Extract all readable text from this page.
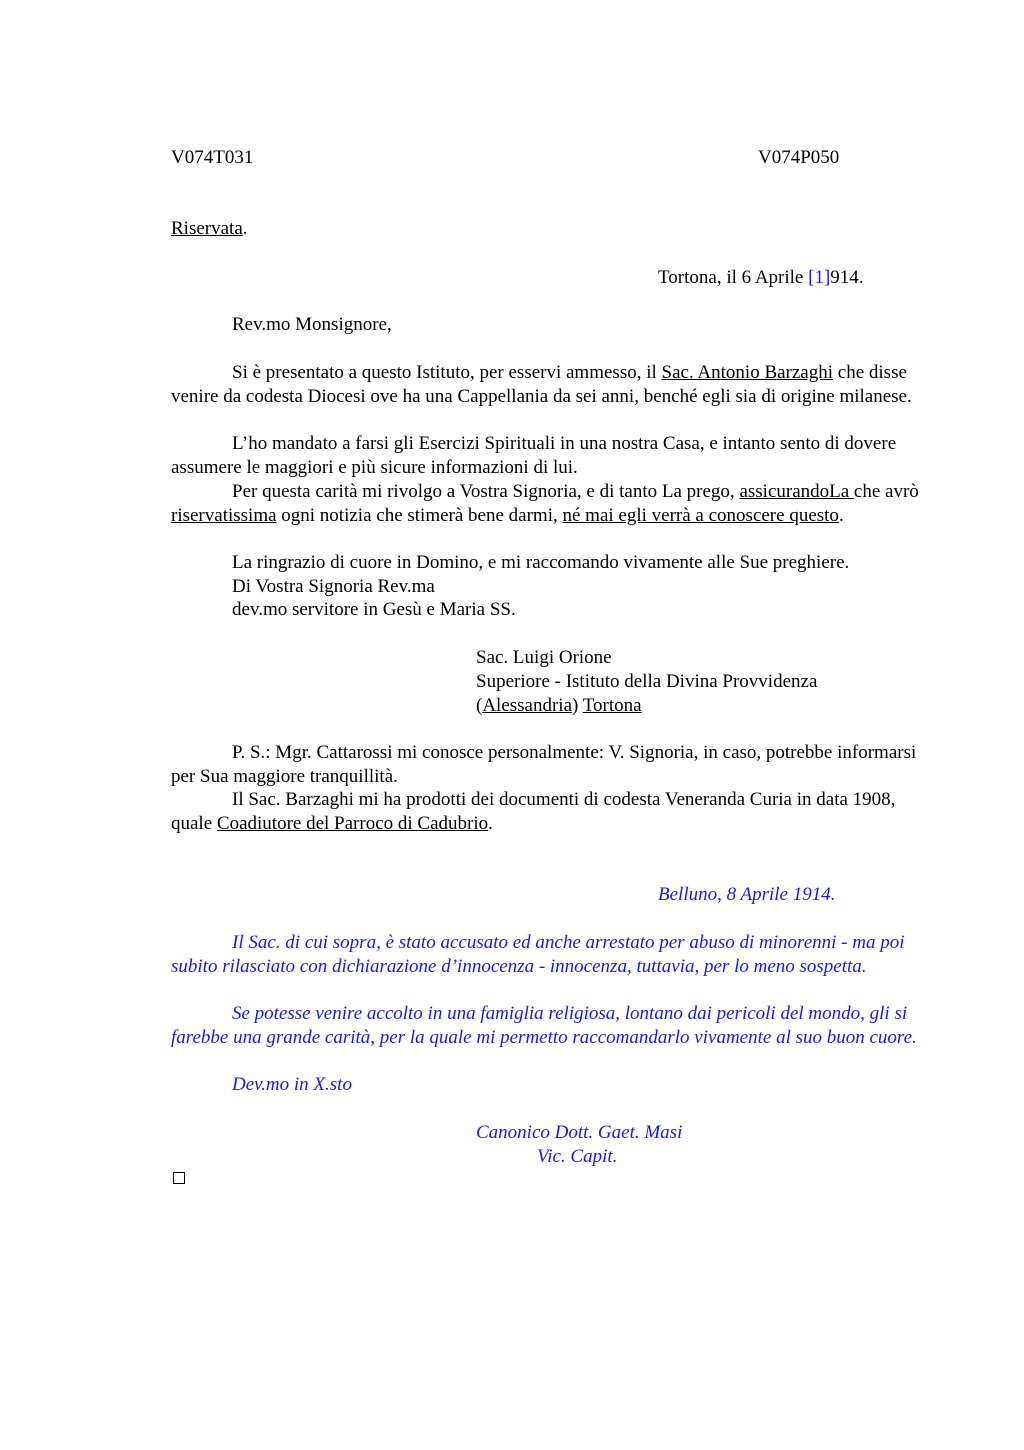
V074T031	V074P050
Riservata.
Tortona, il 6 Aprile [1]914.
Rev.mo Monsignore,
Si è presentato a questo Istituto, per esservi ammesso, il Sac. Antonio Barzaghi che disse venire da codesta Diocesi ove ha una Cappellania da sei anni, benché egli sia di origine milanese.
L’ho mandato a farsi gli Esercizi Spirituali in una nostra Casa, e intanto sento di dovere assumere le maggiori e più sicure informazioni di lui.
Per questa carità mi rivolgo a Vostra Signoria, e di tanto La prego, assicurandoLa che avrò riservatissima ogni notizia che stimerà bene darmi, né mai egli verrà a conoscere questo.
La ringrazio di cuore in Domino, e mi raccomando vivamente alle Sue preghiere.
Di Vostra Signoria Rev.ma
dev.mo servitore in Gesù e Maria SS.
Sac. Luigi Orione
Superiore - Istituto della Divina Provvidenza
(Alessandria) Tortona
P. S.: Mgr. Cattarossi mi conosce personalmente: V. Signoria, in caso, potrebbe informarsi per Sua maggiore tranquillità.
Il Sac. Barzaghi mi ha prodotti dei documenti di codesta Veneranda Curia in data 1908, quale Coadiutore del Parroco di Cadubrio.
Belluno, 8 Aprile 1914.
Il Sac. di cui sopra, è stato accusato ed anche arrestato per abuso di minorenni - ma poi subito rilasciato con dichiarazione d’innocenza - innocenza, tuttavia, per lo meno sospetta.
Se potesse venire accolto in una famiglia religiosa, lontano dai pericoli del mondo, gli si farebbe una grande carità, per la quale mi permetto raccomandarlo vivamente al suo buon cuore.
Dev.mo in X.sto
Canonico Dott. Gaet. Masi
Vic. Capit.
